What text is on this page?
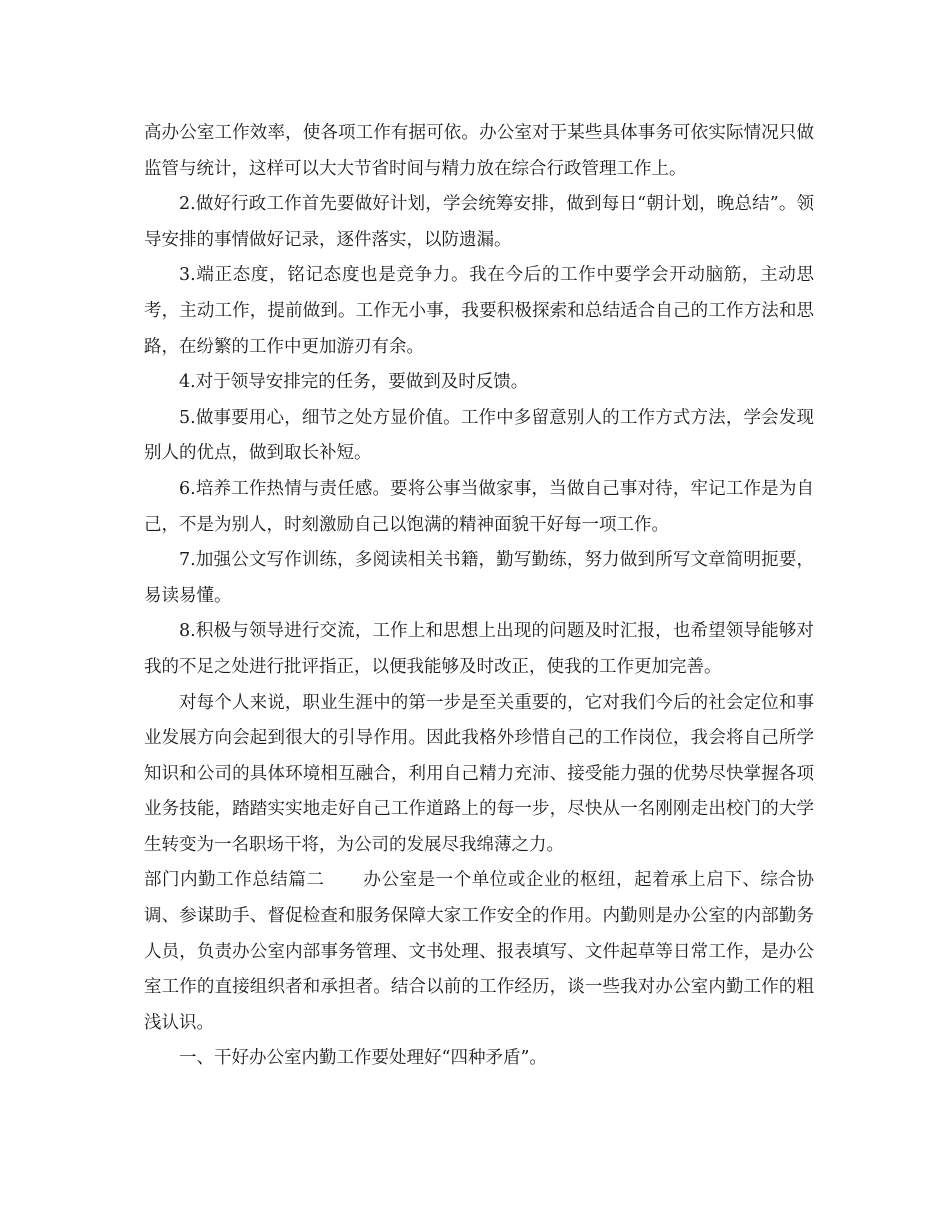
高办公室工作效率，使各项工作有据可依。办公室对于某些具体事务可依实际情况只做监管与统计，这样可以大大节省时间与精力放在综合行政管理工作上。

2.做好行政工作首先要做好计划，学会统筹安排，做到每日“朝计划，晚总结”。领导安排的事情做好记录，逐件落实，以防遗漏。

3.端正态度，铭记态度也是竞争力。我在今后的工作中要学会开动脑筋，主动思考，主动工作，提前做到。工作无小事，我要积极探索和总结适合自己的工作方法和思路，在纷繁的工作中更加游刃有余。

4.对于领导安排完的任务，要做到及时反馈。

5.做事要用心，细节之处方显价值。工作中多留意别人的工作方式方法，学会发现别人的优点，做到取长补短。

6.培养工作热情与责任感。要将公事当做家事，当做自己事对待，牢记工作是为自己，不是为别人，时刻激励自己以饱满的精神面貌干好每一项工作。

7.加强公文写作训练，多阅读相关书籍，勤写勤练，努力做到所写文章简明扼要，易读易懂。

8.积极与领导进行交流，工作上和思想上出现的问题及时汇报，也希望领导能够对我的不足之处进行批评指正，以便我能够及时改正，使我的工作更加完善。

对每个人来说，职业生涯中的第一步是至关重要的，它对我们今后的社会定位和事业发展方向会起到很大的引导作用。因此我格外珍惜自己的工作岗位，我会将自己所学知识和公司的具体环境相互融合，利用自己精力充沛、接受能力强的优势尽快掌握各项业务技能，踏踏实实地走好自己工作道路上的每一步，尽快从一名刚刚走出校门的大学生转变为一名职场干将，为公司的发展尽我绵薄之力。

部门内勤工作总结篇二 办公室是一个单位或企业的枢纽，起着承上启下、综合协调、参谋助手、督促检查和服务保障大家工作安全的作用。内勤则是办公室的内部勤务人员，负责办公室内部事务管理、文书处理、报表填写、文件起草等日常工作，是办公室工作的直接组织者和承担者。结合以前的工作经历，谈一些我对办公室内勤工作的粗浅认识。

一、干好办公室内勤工作要处理好“四种矛盾”。
